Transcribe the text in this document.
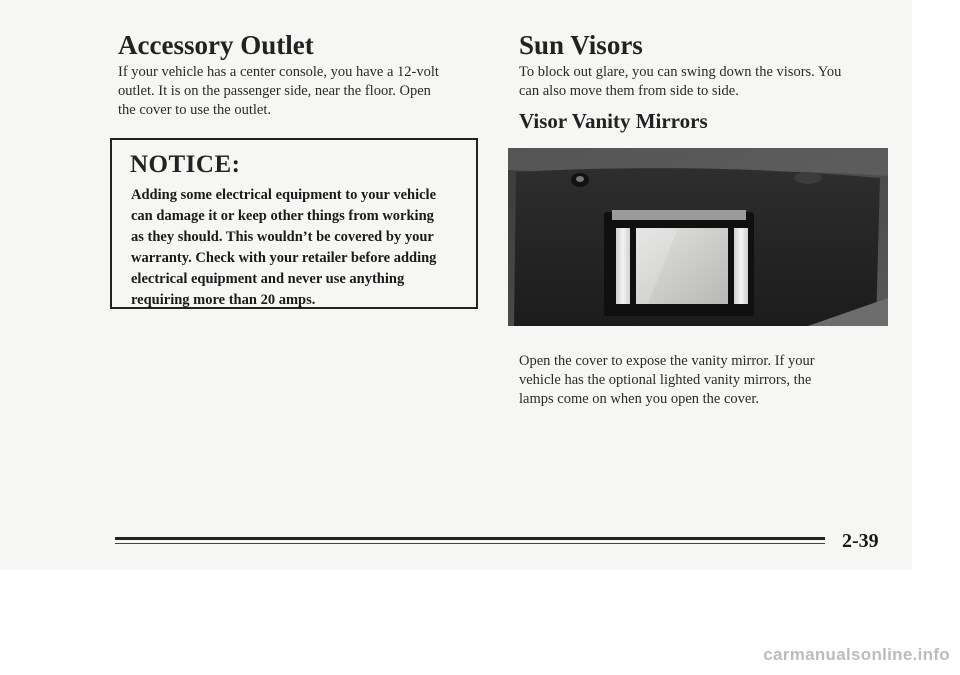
Accessory Outlet

If your vehicle has a center console, you have a 12-volt

outlet. It is on the passenger side, near the floor. Open

the cover to use the outlet.

NOTICE:
Adding some electrical equipment to your vehicle
can damage it or keep other things from working
as they should. This wouldn’t be covered by your
warranty. Check with your retailer before adding
electrical equipment and never use anything
requiring more than 20 amps.
Sun Visors

To block out glare, you can swing down the visors. You

can also move them from side to side.

Visor Vanity Mirrors

Open the cover to expose the vanity mirror. If your

vehicle has the optional lighted vanity mirrors, the

lamps come on when you open the cover.

2-39
carmanualsonline.info
